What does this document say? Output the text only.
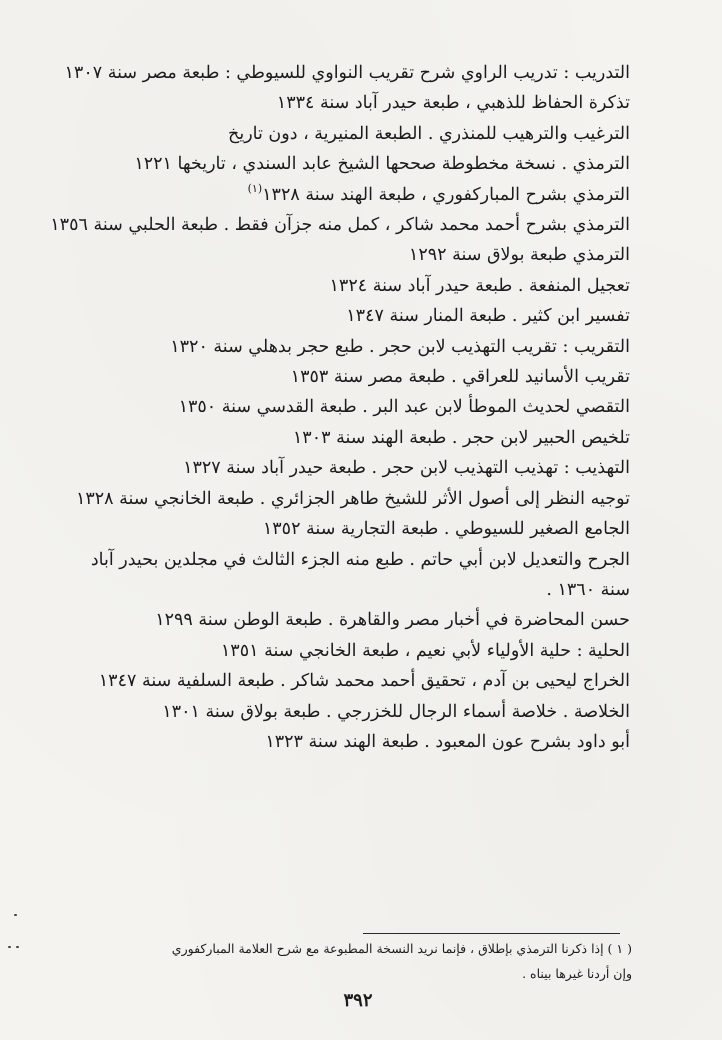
التدريب : تدريب الراوي شرح تقريب النواوي للسيوطي : طبعة مصر سنة ١٣٠٧
تذكرة الحفاظ للذهبي ، طبعة حيدر آباد سنة ١٣٣٤
الترغيب والترهيب للمنذري . الطبعة المنيرية ، دون تاريخ
الترمذي . نسخة مخطوطة صححها الشيخ عابد السندي ، تاريخها ١٢٢١
الترمذي بشرح المباركفوري ، طبعة الهند سنة ١٣٢٨$^{(١)}$
الترمذي بشرح أحمد محمد شاكر ، كمل منه جزآن فقط . طبعة الحلبي سنة ١٣٥٦
الترمذي طبعة بولاق سنة ١٢٩٢
تعجيل المنفعة . طبعة حيدر آباد سنة ١٣٢٤
تفسير ابن كثير . طبعة المنار سنة ١٣٤٧
التقريب : تقريب التهذيب لابن حجر . طبع حجر بدهلي سنة ١٣٢٠
تقريب الأسانيد للعراقي . طبعة مصر سنة ١٣٥٣
التقصي لحديث الموطأ لابن عبد البر . طبعة القدسي سنة ١٣٥٠
تلخيص الحبير لابن حجر . طبعة الهند سنة ١٣٠٣
التهذيب : تهذيب التهذيب لابن حجر . طبعة حيدر آباد سنة ١٣٢٧
توجيه النظر إلى أصول الأثر للشيخ طاهر الجزائري . طبعة الخانجي سنة ١٣٢٨
الجامع الصغير للسيوطي . طبعة التجارية سنة ١٣٥٢
الجرح والتعديل لابن أبي حاتم . طبع منه الجزء الثالث في مجلدين بحيدر آباد
سنة ١٣٦٠ .
حسن المحاضرة في أخبار مصر والقاهرة . طبعة الوطن سنة ١٢٩٩
الحلية : حلية الأولياء لأبي نعيم ، طبعة الخانجي سنة ١٣٥١
الخراج ليحيى بن آدم ، تحقيق أحمد محمد شاكر . طبعة السلفية سنة ١٣٤٧
الخلاصة . خلاصة أسماء الرجال للخزرجي . طبعة بولاق سنة ١٣٠١
أبو داود بشرح عون المعبود . طبعة الهند سنة ١٣٢٣
( ١ ) إذا ذكرنا الترمذي بإطلاق ، فإنما نريد النسخة المطبوعة مع شرح العلامة المباركفوري
وإن أردنا غيرها بيناه .
٣٩٢
